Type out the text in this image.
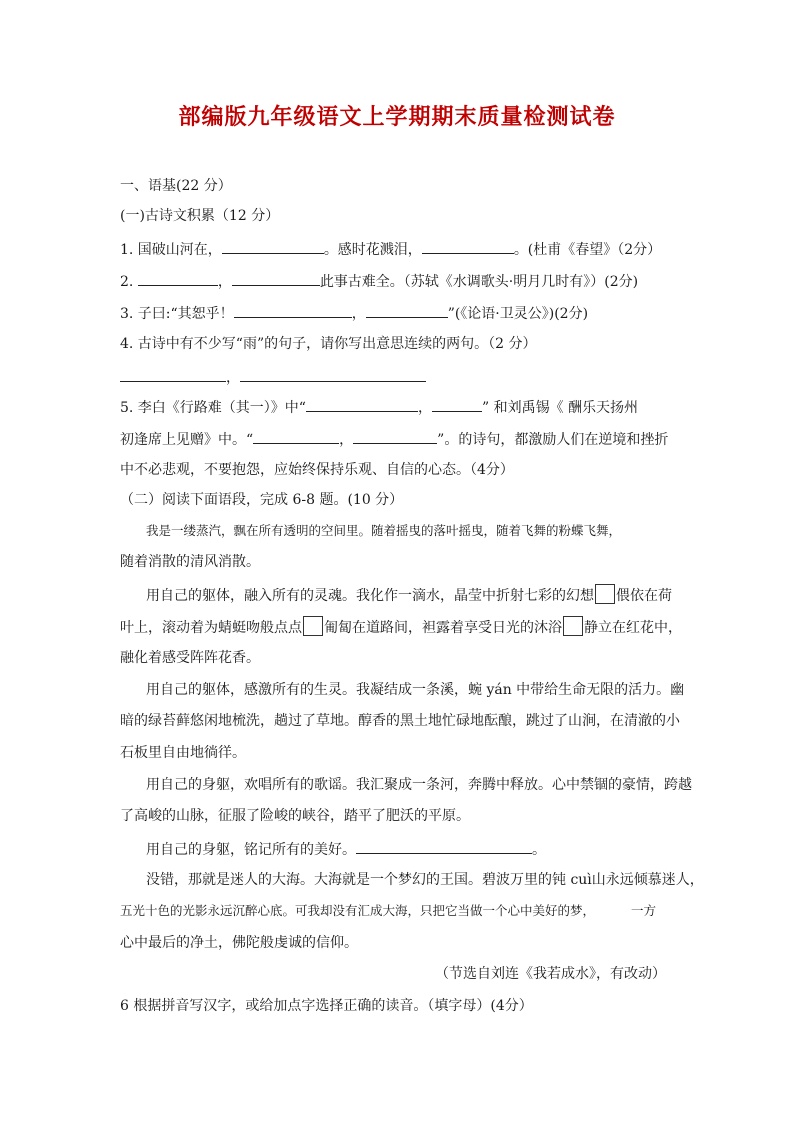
部编版九年级语文上学期期末质量检测试卷
一、语基(22 分）
(一)古诗文积累（12 分）
1. 国破山河在，	。感时花溅泪，	。(杜甫《春望》（2分）
2.	，	此事古难全。（苏轼《水调歌头·明月几时有》）(2分)
3. 子曰:“其恕乎！	，	”(《论语·卫灵公》)(2分)
4. 古诗中有不少写“雨”的句子，请你写出意思连续的两句。（2 分）
，
5. 李白《行路难（其一）》中“	，	” 和刘禹锡《 酬乐天扬州
初逢席上见赠》中。“	，	”。的诗句，都激励人们在逆境和挫折
中不必悲观，不要抱怨，应始终保持乐观、自信的心态。（4分）
（二）阅读下面语段，完成 6-8 题。(10 分）
我是一缕蒸汽，飘在所有透明的空间里。随着摇曳的落叶摇曳，随着飞舞的粉蝶飞舞，
随着消散的清风消散。
用自己的躯体，融入所有的灵魂。我化作一滴水，晶莹中折射七彩的幻想 偎依在荷
叶上，滚动着为蜻蜓吻般点点 匍匐在道路间，袒露着享受日光的沐浴 静立在红花中，
融化着感受阵阵花香。
用自己的躯体，感激所有的生灵。我凝结成一条溪，蜿 yán 中带给生命无限的活力。幽
暗的绿苔藓悠闲地梳洗，趟过了草地。醇香的黑土地忙碌地酝酿，跳过了山涧，在清澈的小
石板里自由地徜徉。
用自己的身躯，欢唱所有的歌谣。我汇聚成一条河，奔腾中释放。心中禁锢的豪情，跨越
了高峻的山脉，征服了险峻的峡谷，踏平了肥沃的平原。
用自己的身躯，铭记所有的美好。	。
没错，那就是迷人的大海。大海就是一个梦幻的王国。碧波万里的钝 cuì山永远倾慕迷人，
五光十色的光影永远沉醉心底。可我却没有汇成大海，只把它当做一个心中美好的梦，	一方
心中最后的净土，佛陀般虔诚的信仰。
（节选自刘连《我若成水》，有改动）
6 根据拼音写汉字，或给加点字选择正确的读音。（填字母）(4分）
